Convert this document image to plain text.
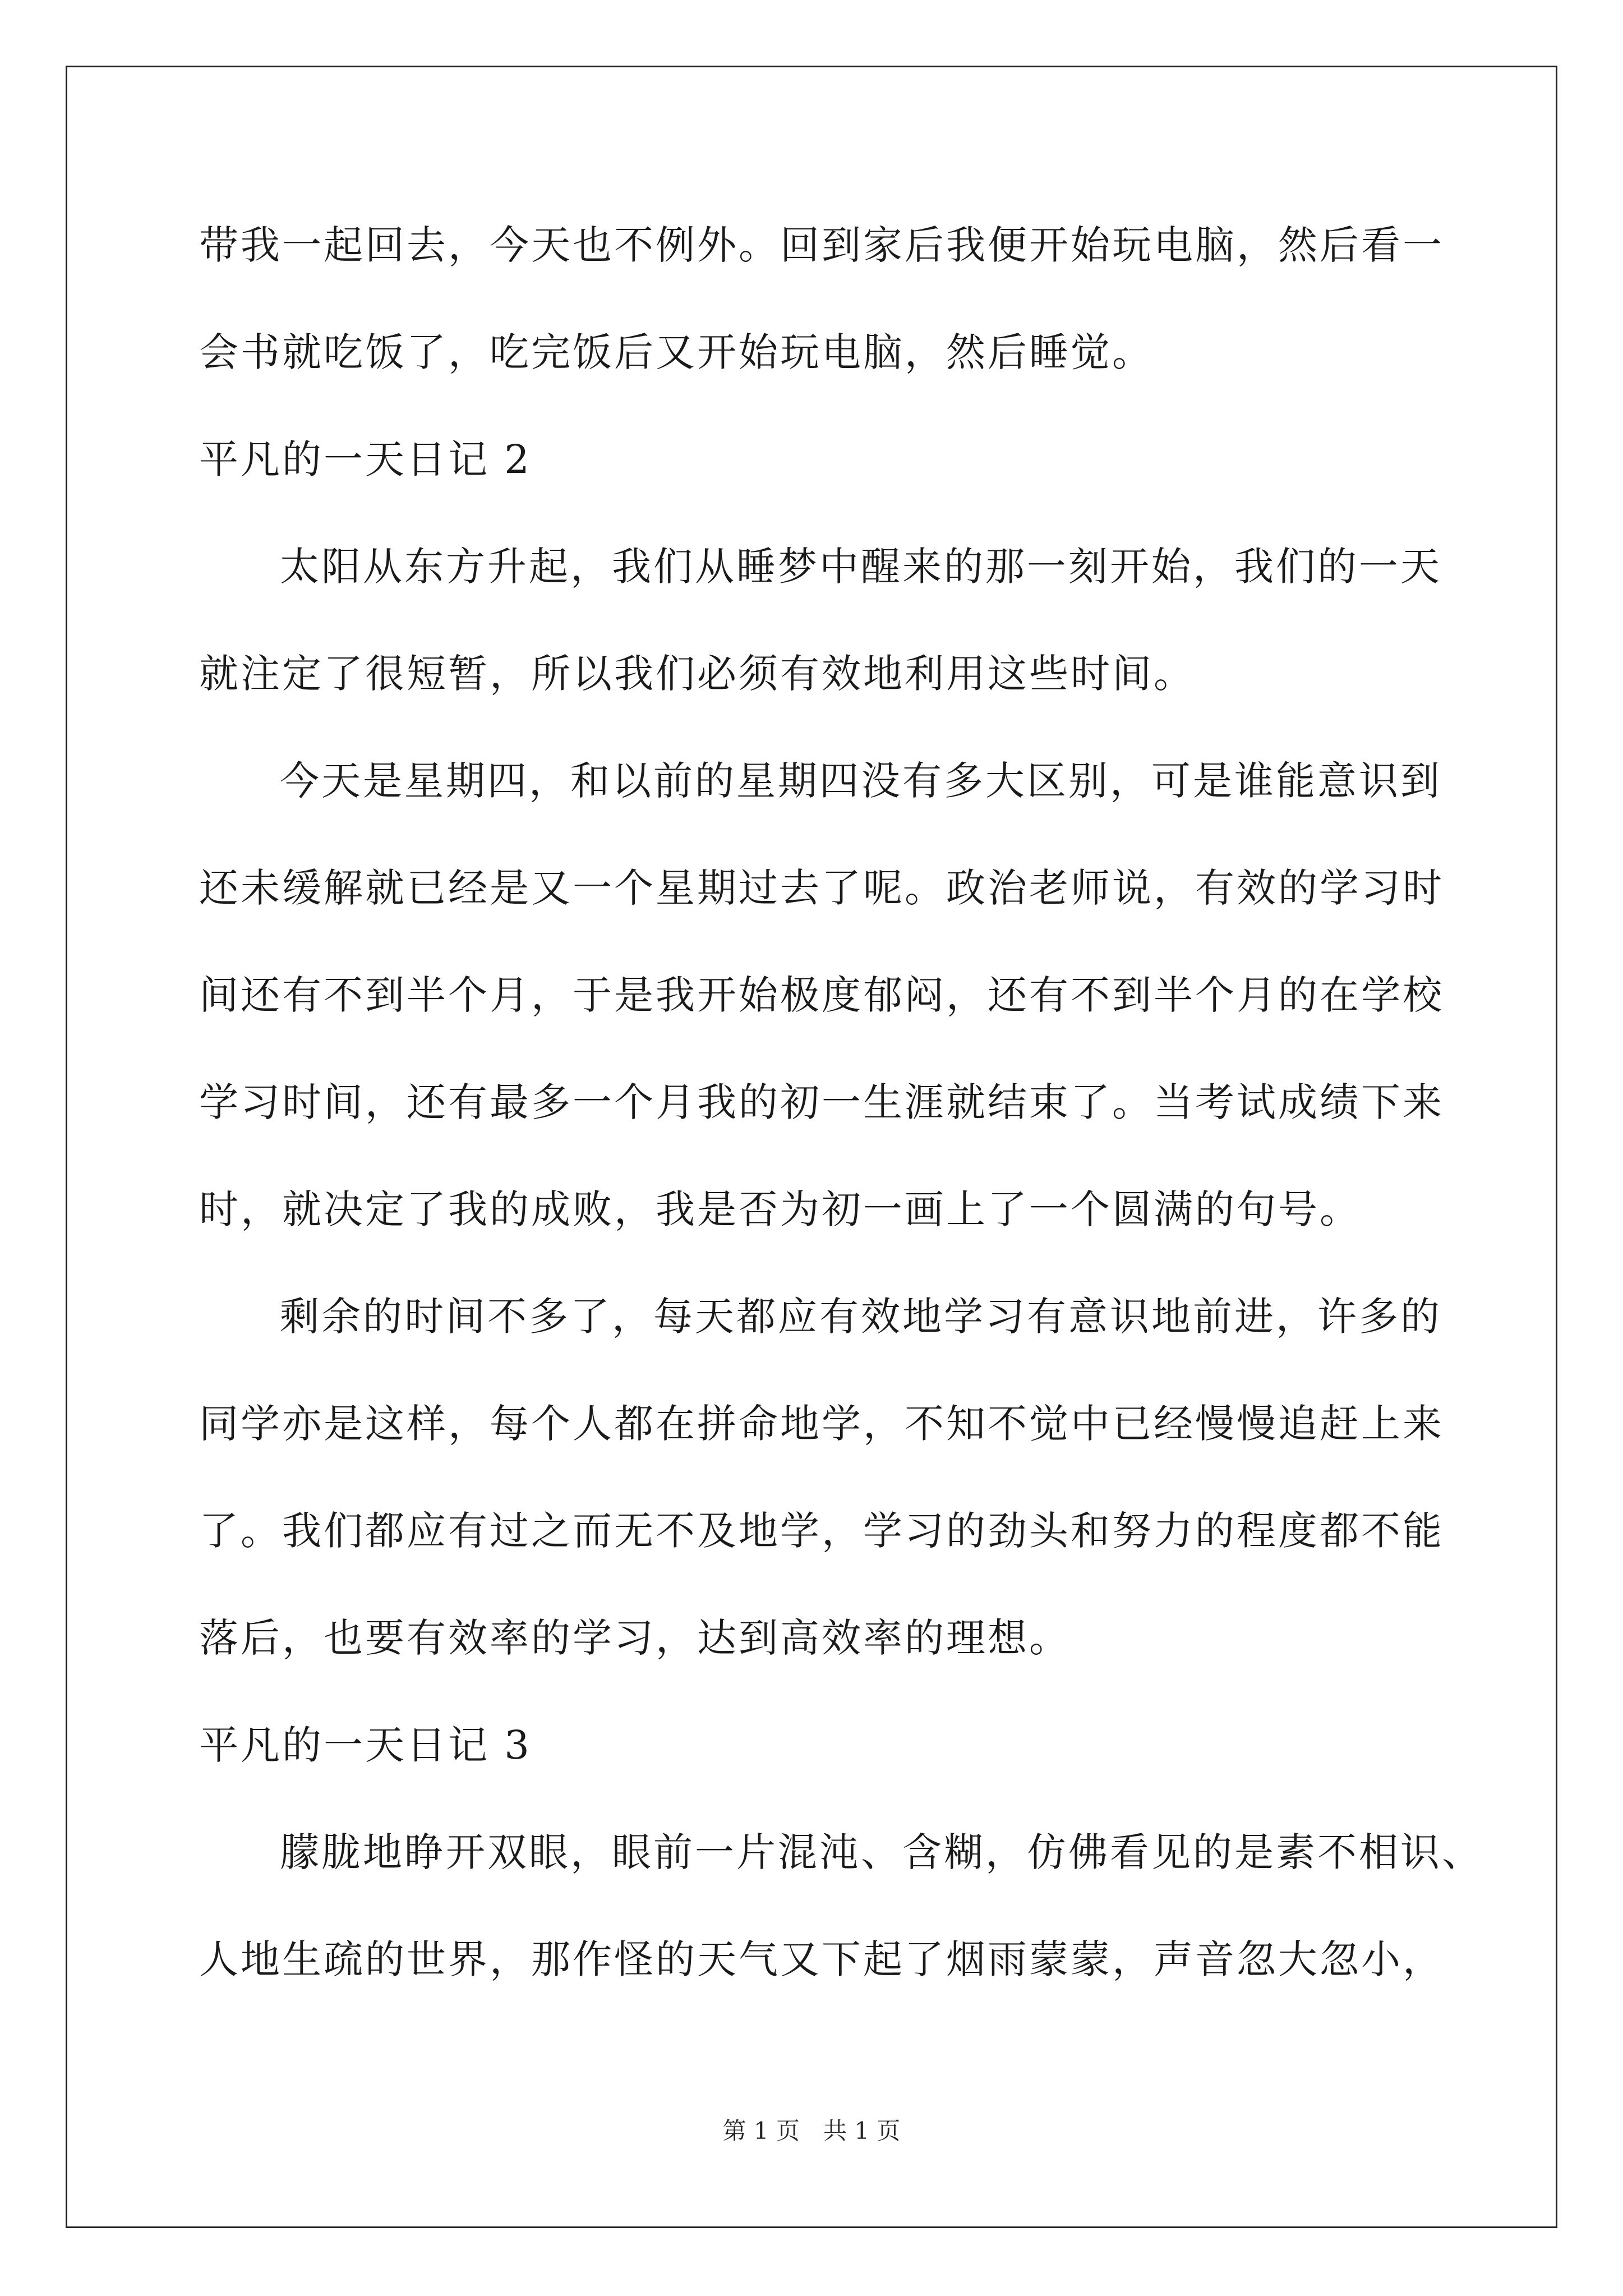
带我一起回去，今天也不例外。回到家后我便开始玩电脑，然后看一
会书就吃饭了，吃完饭后又开始玩电脑，然后睡觉。
平凡的一天日记 2
太阳从东方升起，我们从睡梦中醒来的那一刻开始，我们的一天
就注定了很短暂，所以我们必须有效地利用这些时间。
今天是星期四，和以前的星期四没有多大区别，可是谁能意识到
还未缓解就已经是又一个星期过去了呢。政治老师说，有效的学习时
间还有不到半个月，于是我开始极度郁闷，还有不到半个月的在学校
学习时间，还有最多一个月我的初一生涯就结束了。当考试成绩下来
时，就决定了我的成败，我是否为初一画上了一个圆满的句号。
剩余的时间不多了，每天都应有效地学习有意识地前进，许多的
同学亦是这样，每个人都在拼命地学，不知不觉中已经慢慢追赶上来
了。我们都应有过之而无不及地学，学习的劲头和努力的程度都不能
落后，也要有效率的学习，达到高效率的理想。
平凡的一天日记 3
朦胧地睁开双眼，眼前一片混沌、含糊，仿佛看见的是素不相识、
人地生疏的世界，那作怪的天气又下起了烟雨蒙蒙，声音忽大忽小，
第 1 页　共 1 页
